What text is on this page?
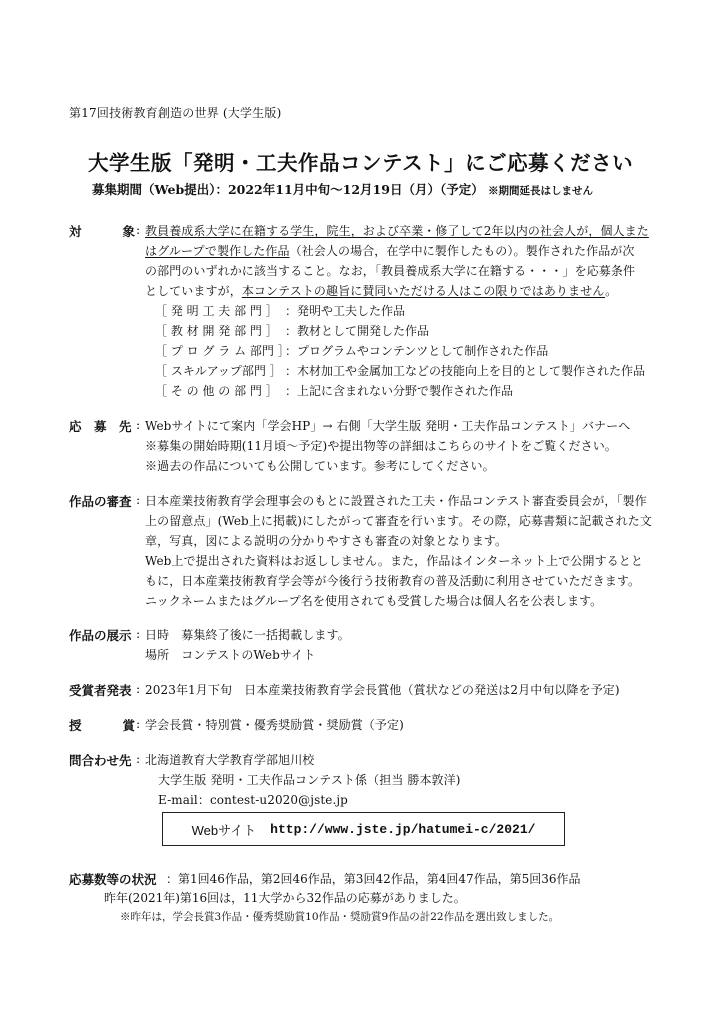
第17回技術教育創造の世界 (大学生版)
大学生版「発明・工夫作品コンテスト」にご応募ください
募集期間（Web提出）：2022年11月中旬～12月19日（月）（予定） ※期間延長はしません
対	象 : 教員養成系大学に在籍する学生，院生，および卒業・修了して2年以内の社会人が，個人また
はグループで製作した作品（社会人の場合，在学中に製作したもの）。製作された作品が次
の部門のいずれかに該当すること。なお，「教員養成系大学に在籍する・・・」を応募条件
としていますが，本コンテストの趣旨に賛同いただける人はこの限りではありません。
［ 発 明 工 夫 部 門 ］ ：発明や工夫した作品
［ 教 材 開 発 部 門 ］ ：教材として開発した作品
［ プ ロ グ ラ ム 部門 ］：プログラムやコンテンツとして制作された作品
［ スキルアップ部門 ］ ：木材加工や金属加工などの技能向上を目的として製作された作品
［ そ の 他 の 部 門 ］ ：上記に含まれない分野で製作された作品
応　募　先 : Webサイトにて案内「学会HP」→ 右側「大学生版 発明・工夫作品コンテスト」バナーへ
※募集の開始時期(11月頃～予定)や提出物等の詳細はこちらのサイトをご覧ください。
※過去の作品についても公開しています。参考にしてください。
作品の審査 : 日本産業技術教育学会理事会のもとに設置された工夫・作品コンテスト審査委員会が，「製作
上の留意点」(Web上に掲載)にしたがって審査を行います。その際，応募書類に記載された文
章，写真，図による説明の分かりやすさも審査の対象となります。
Web上で提出された資料はお返ししません。また，作品はインターネット上で公開するとと
もに，日本産業技術教育学会等が今後行う技術教育の普及活動に利用させていただきます。
ニックネームまたはグループ名を使用されても受賞した場合は個人名を公表します。
作品の展示 : 日時　募集終了後に一括掲載します。
場所　コンテストのWebサイト
受賞者発表 : 2023年1月下旬　日本産業技術教育学会長賞他（賞状などの発送は2月中旬以降を予定)
授	賞 : 学会長賞・特別賞・優秀奨励賞・奨励賞（予定)
問合わせ先 : 北海道教育大学教育学部旭川校
大学生版 発明・工夫作品コンテスト係（担当 勝本敦洋)
E-mail：contest-u2020@jste.jp
Webサイト http://www.jste.jp/hatumei-c/2021/
応募数等の状況 ：第1回46作品，第2回46作品，第3回42作品，第4回47作品，第5回36作品
昨年(2021年)第16回は，11大学から32作品の応募がありました。
※昨年は，学会長賞3作品・優秀奨励賞10作品・奨励賞9作品の計22作品を選出致しました。
